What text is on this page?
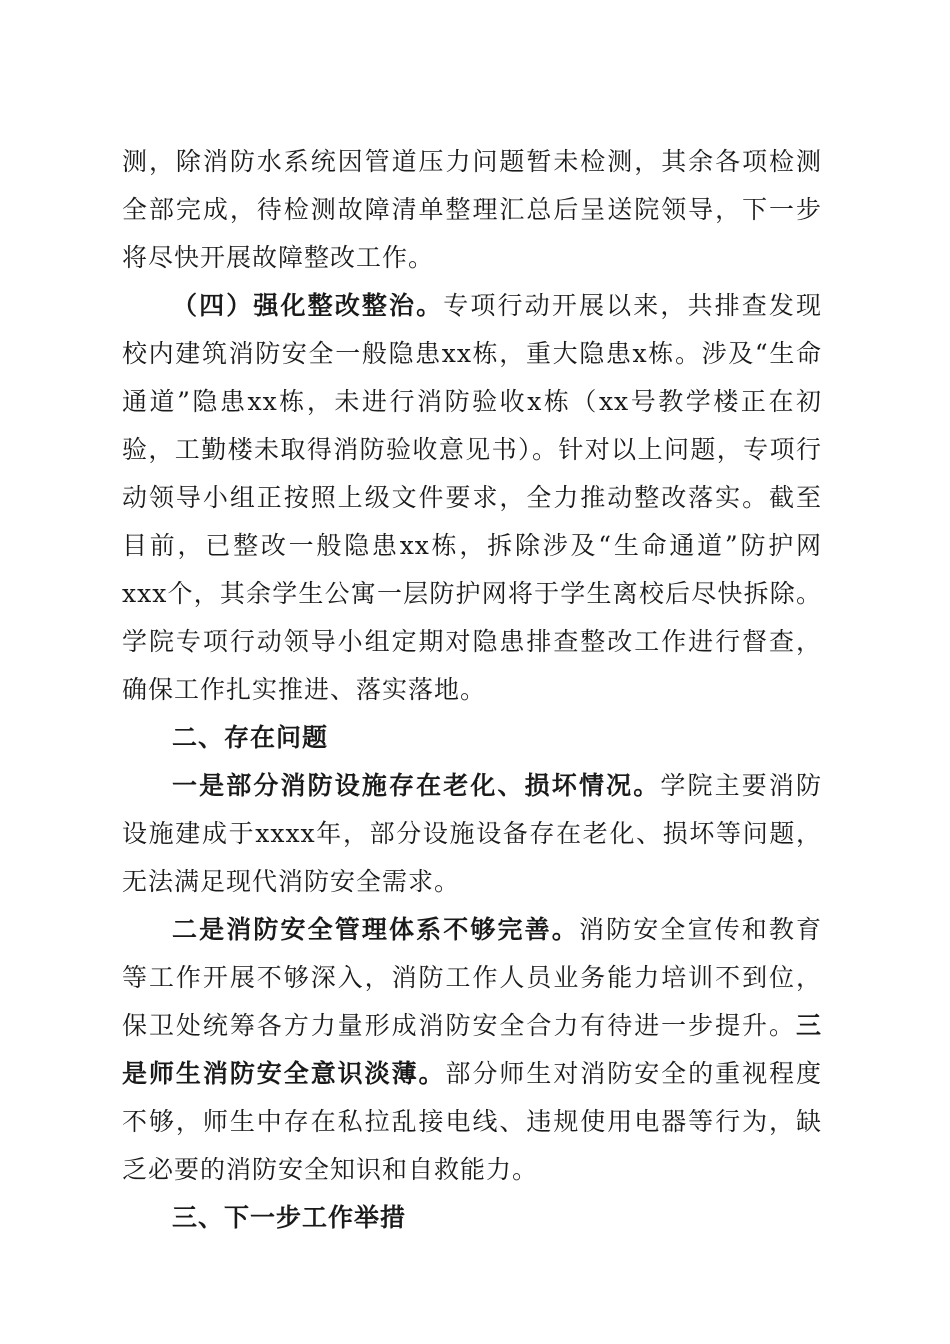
测，除消防水系统因管道压力问题暂未检测，其余各项检测全部完成，待检测故障清单整理汇总后呈送院领导，下一步将尽快开展故障整改工作。

（四）强化整改整治。专项行动开展以来，共排查发现校内建筑消防安全一般隐患xx栋，重大隐患x栋。涉及“生命通道”隐患xx栋，未进行消防验收x栋（xx号教学楼正在初验，工勤楼未取得消防验收意见书）。针对以上问题，专项行动领导小组正按照上级文件要求，全力推动整改落实。截至目前，已整改一般隐患xx栋，拆除涉及“生命通道”防护网xxx个，其余学生公寓一层防护网将于学生离校后尽快拆除。学院专项行动领导小组定期对隐患排查整改工作进行督查，确保工作扎实推进、落实落地。

二、存在问题

一是部分消防设施存在老化、损坏情况。学院主要消防设施建成于xxxx年，部分设施设备存在老化、损坏等问题，无法满足现代消防安全需求。

二是消防安全管理体系不够完善。消防安全宣传和教育等工作开展不够深入，消防工作人员业务能力培训不到位，保卫处统筹各方力量形成消防安全合力有待进一步提升。三是师生消防安全意识淡薄。部分师生对消防安全的重视程度不够，师生中存在私拉乱接电线、违规使用电器等行为，缺乏必要的消防安全知识和自救能力。

三、下一步工作举措
